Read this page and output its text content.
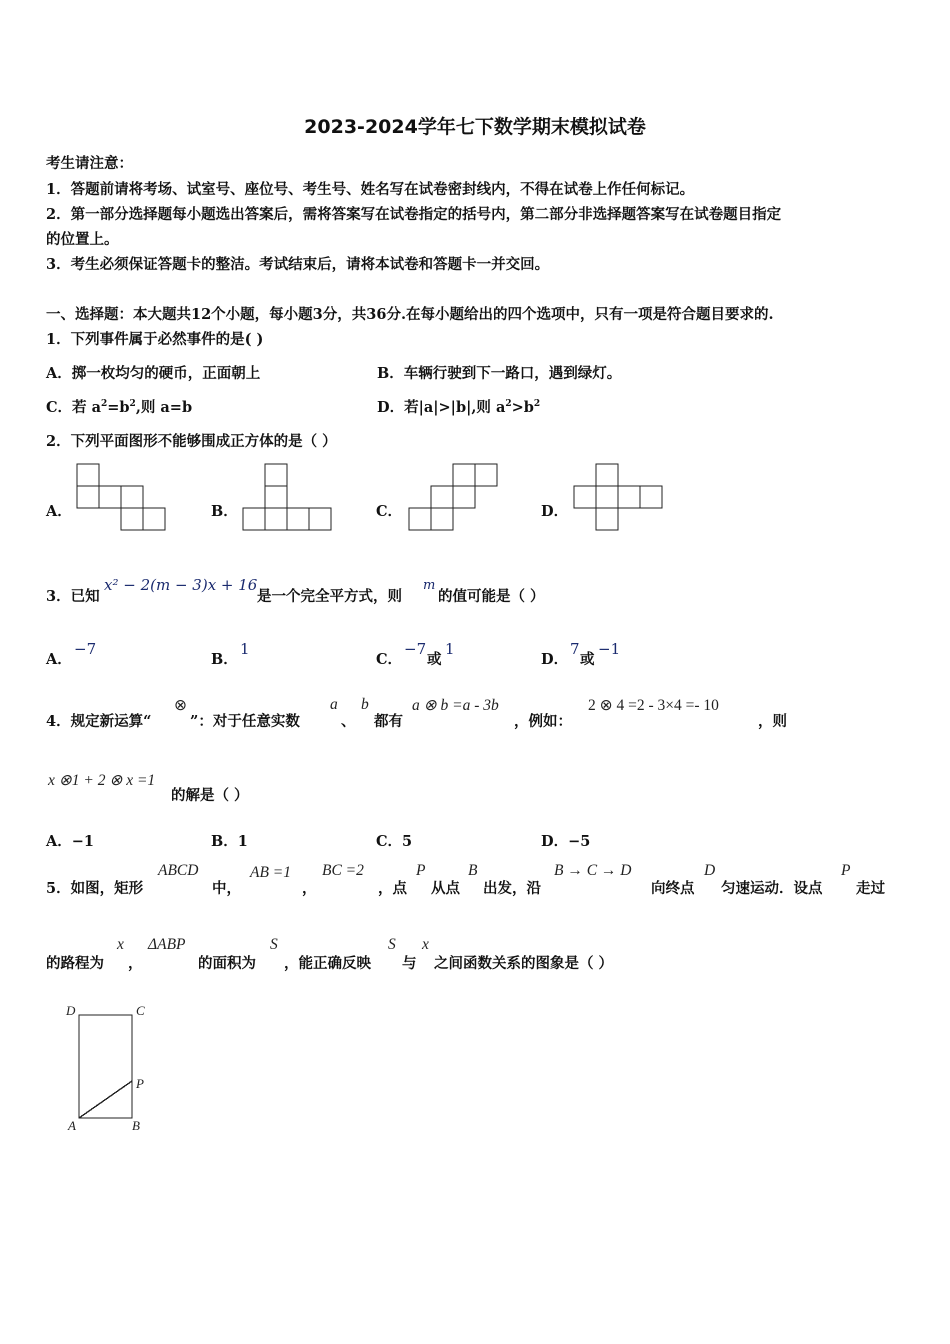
2023-2024学年七下数学期末模拟试卷
考生请注意：
1．答题前请将考场、试室号、座位号、考生号、姓名写在试卷密封线内，不得在试卷上作任何标记。
2．第一部分选择题每小题选出答案后，需将答案写在试卷指定的括号内，第二部分非选择题答案写在试卷题目指定
的位置上。
3．考生必须保证答题卡的整洁。考试结束后，请将本试卷和答题卡一并交回。
一、选择题：本大题共12个小题，每小题3分，共36分.在每小题给出的四个选项中，只有一项是符合题目要求的.
1．下列事件属于必然事件的是( )
A．掷一枚均匀的硬币，正面朝上	B．车辆行驶到下一路口，遇到绿灯。
C．若 $a^2=b^2$,则 a=b	D．若|a|>|b|,则 $a^2>b^2$
2．下列平面图形不能够围成正方体的是（ ）
A．	B．	C．	D．
3．已知
x² − 2(m − 3)x + 16
是一个完全平方式，则
m
的值可能是（ ）
A．
−7
B．
1
C．
−7
或
1
D．
7
或
−1
4．规定新运算“
⊗
”：对于任意实数
a
、
b
都有
a ⊗ b =a - 3b
，例如：
2 ⊗ 4 =2 - 3×4 =- 10
，则
x ⊗1 + 2 ⊗ x =1
的解是（ ）
A．−1	B．1	C．5	D．−5
5．如图，矩形
ABCD
中，
AB =1
，
BC =2
，点
P
从点
B
出发，沿
B → C → D
向终点
D
匀速运动．设点
P
走过
的路程为
x
，
ΔABP
的面积为
S
，能正确反映
S
与
x
之间函数关系的图象是（ ）
D	C
P
A	B
